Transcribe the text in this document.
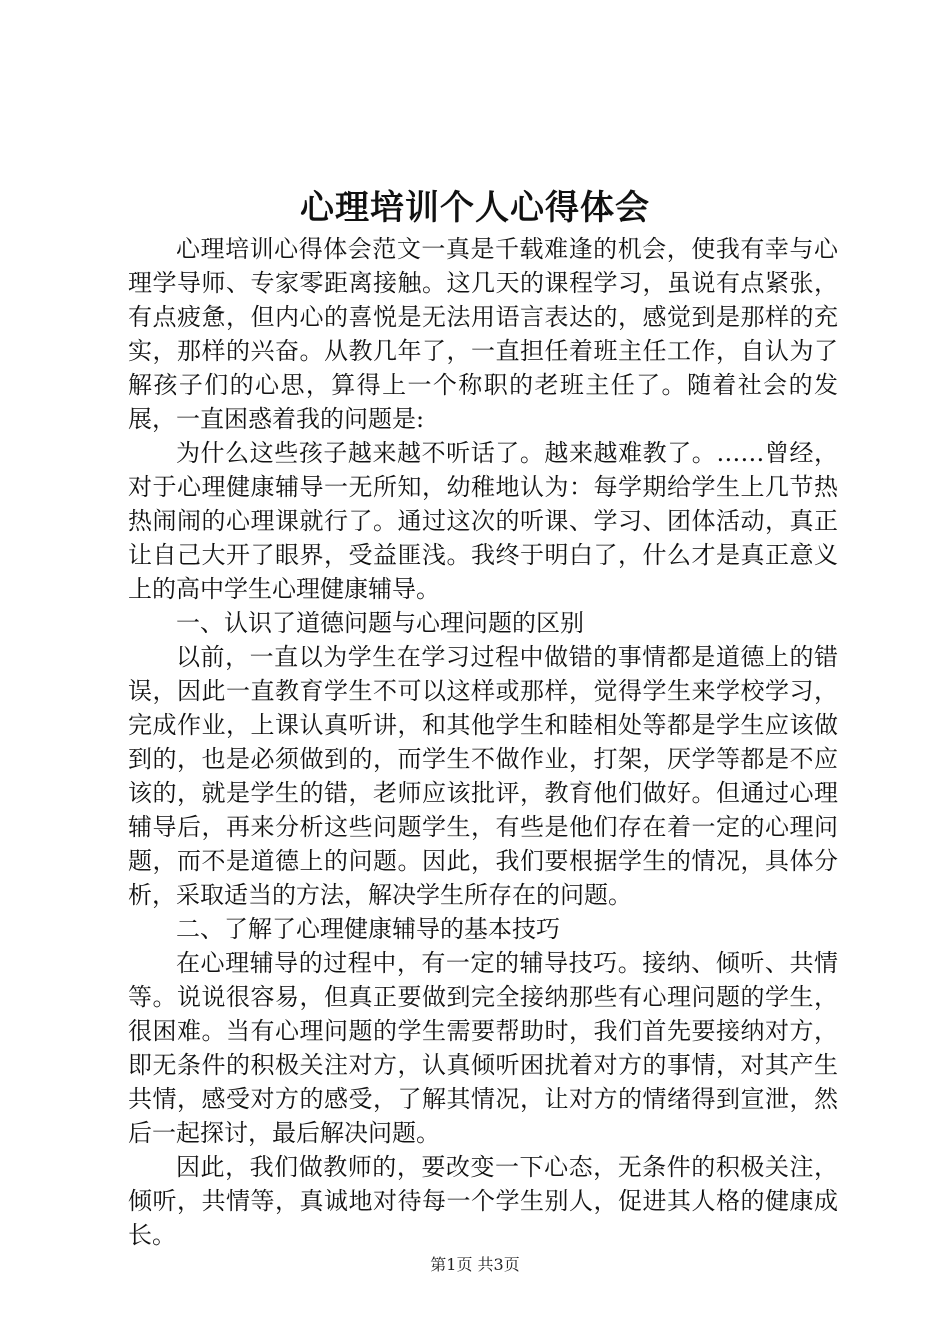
心理培训个人心得体会

心理培训心得体会范文一真是千载难逢的机会，使我有幸与心理学导师、专家零距离接触。这几天的课程学习，虽说有点紧张，有点疲惫，但内心的喜悦是无法用语言表达的，感觉到是那样的充实，那样的兴奋。从教几年了，一直担任着班主任工作，自认为了解孩子们的心思，算得上一个称职的老班主任了。随着社会的发展，一直困惑着我的问题是:

为什么这些孩子越来越不听话了。越来越难教了。……曾经，对于心理健康辅导一无所知，幼稚地认为：每学期给学生上几节热热闹闹的心理课就行了。通过这次的听课、学习、团体活动，真正让自己大开了眼界，受益匪浅。我终于明白了，什么才是真正意义上的高中学生心理健康辅导。

一、认识了道德问题与心理问题的区别

以前，一直以为学生在学习过程中做错的事情都是道德上的错误，因此一直教育学生不可以这样或那样，觉得学生来学校学习，完成作业，上课认真听讲，和其他学生和睦相处等都是学生应该做到的，也是必须做到的，而学生不做作业，打架，厌学等都是不应该的，就是学生的错，老师应该批评，教育他们做好。但通过心理辅导后，再来分析这些问题学生，有些是他们存在着一定的心理问题，而不是道德上的问题。因此，我们要根据学生的情况，具体分析，采取适当的方法，解决学生所存在的问题。

二、了解了心理健康辅导的基本技巧

在心理辅导的过程中，有一定的辅导技巧。接纳、倾听、共情等。说说很容易，但真正要做到完全接纳那些有心理问题的学生，很困难。当有心理问题的学生需要帮助时，我们首先要接纳对方，即无条件的积极关注对方，认真倾听困扰着对方的事情，对其产生共情，感受对方的感受，了解其情况，让对方的情绪得到宣泄，然后一起探讨，最后解决问题。

因此，我们做教师的，要改变一下心态，无条件的积极关注，倾听，共情等，真诚地对待每一个学生别人，促进其人格的健康成长。

第1页 共3页
